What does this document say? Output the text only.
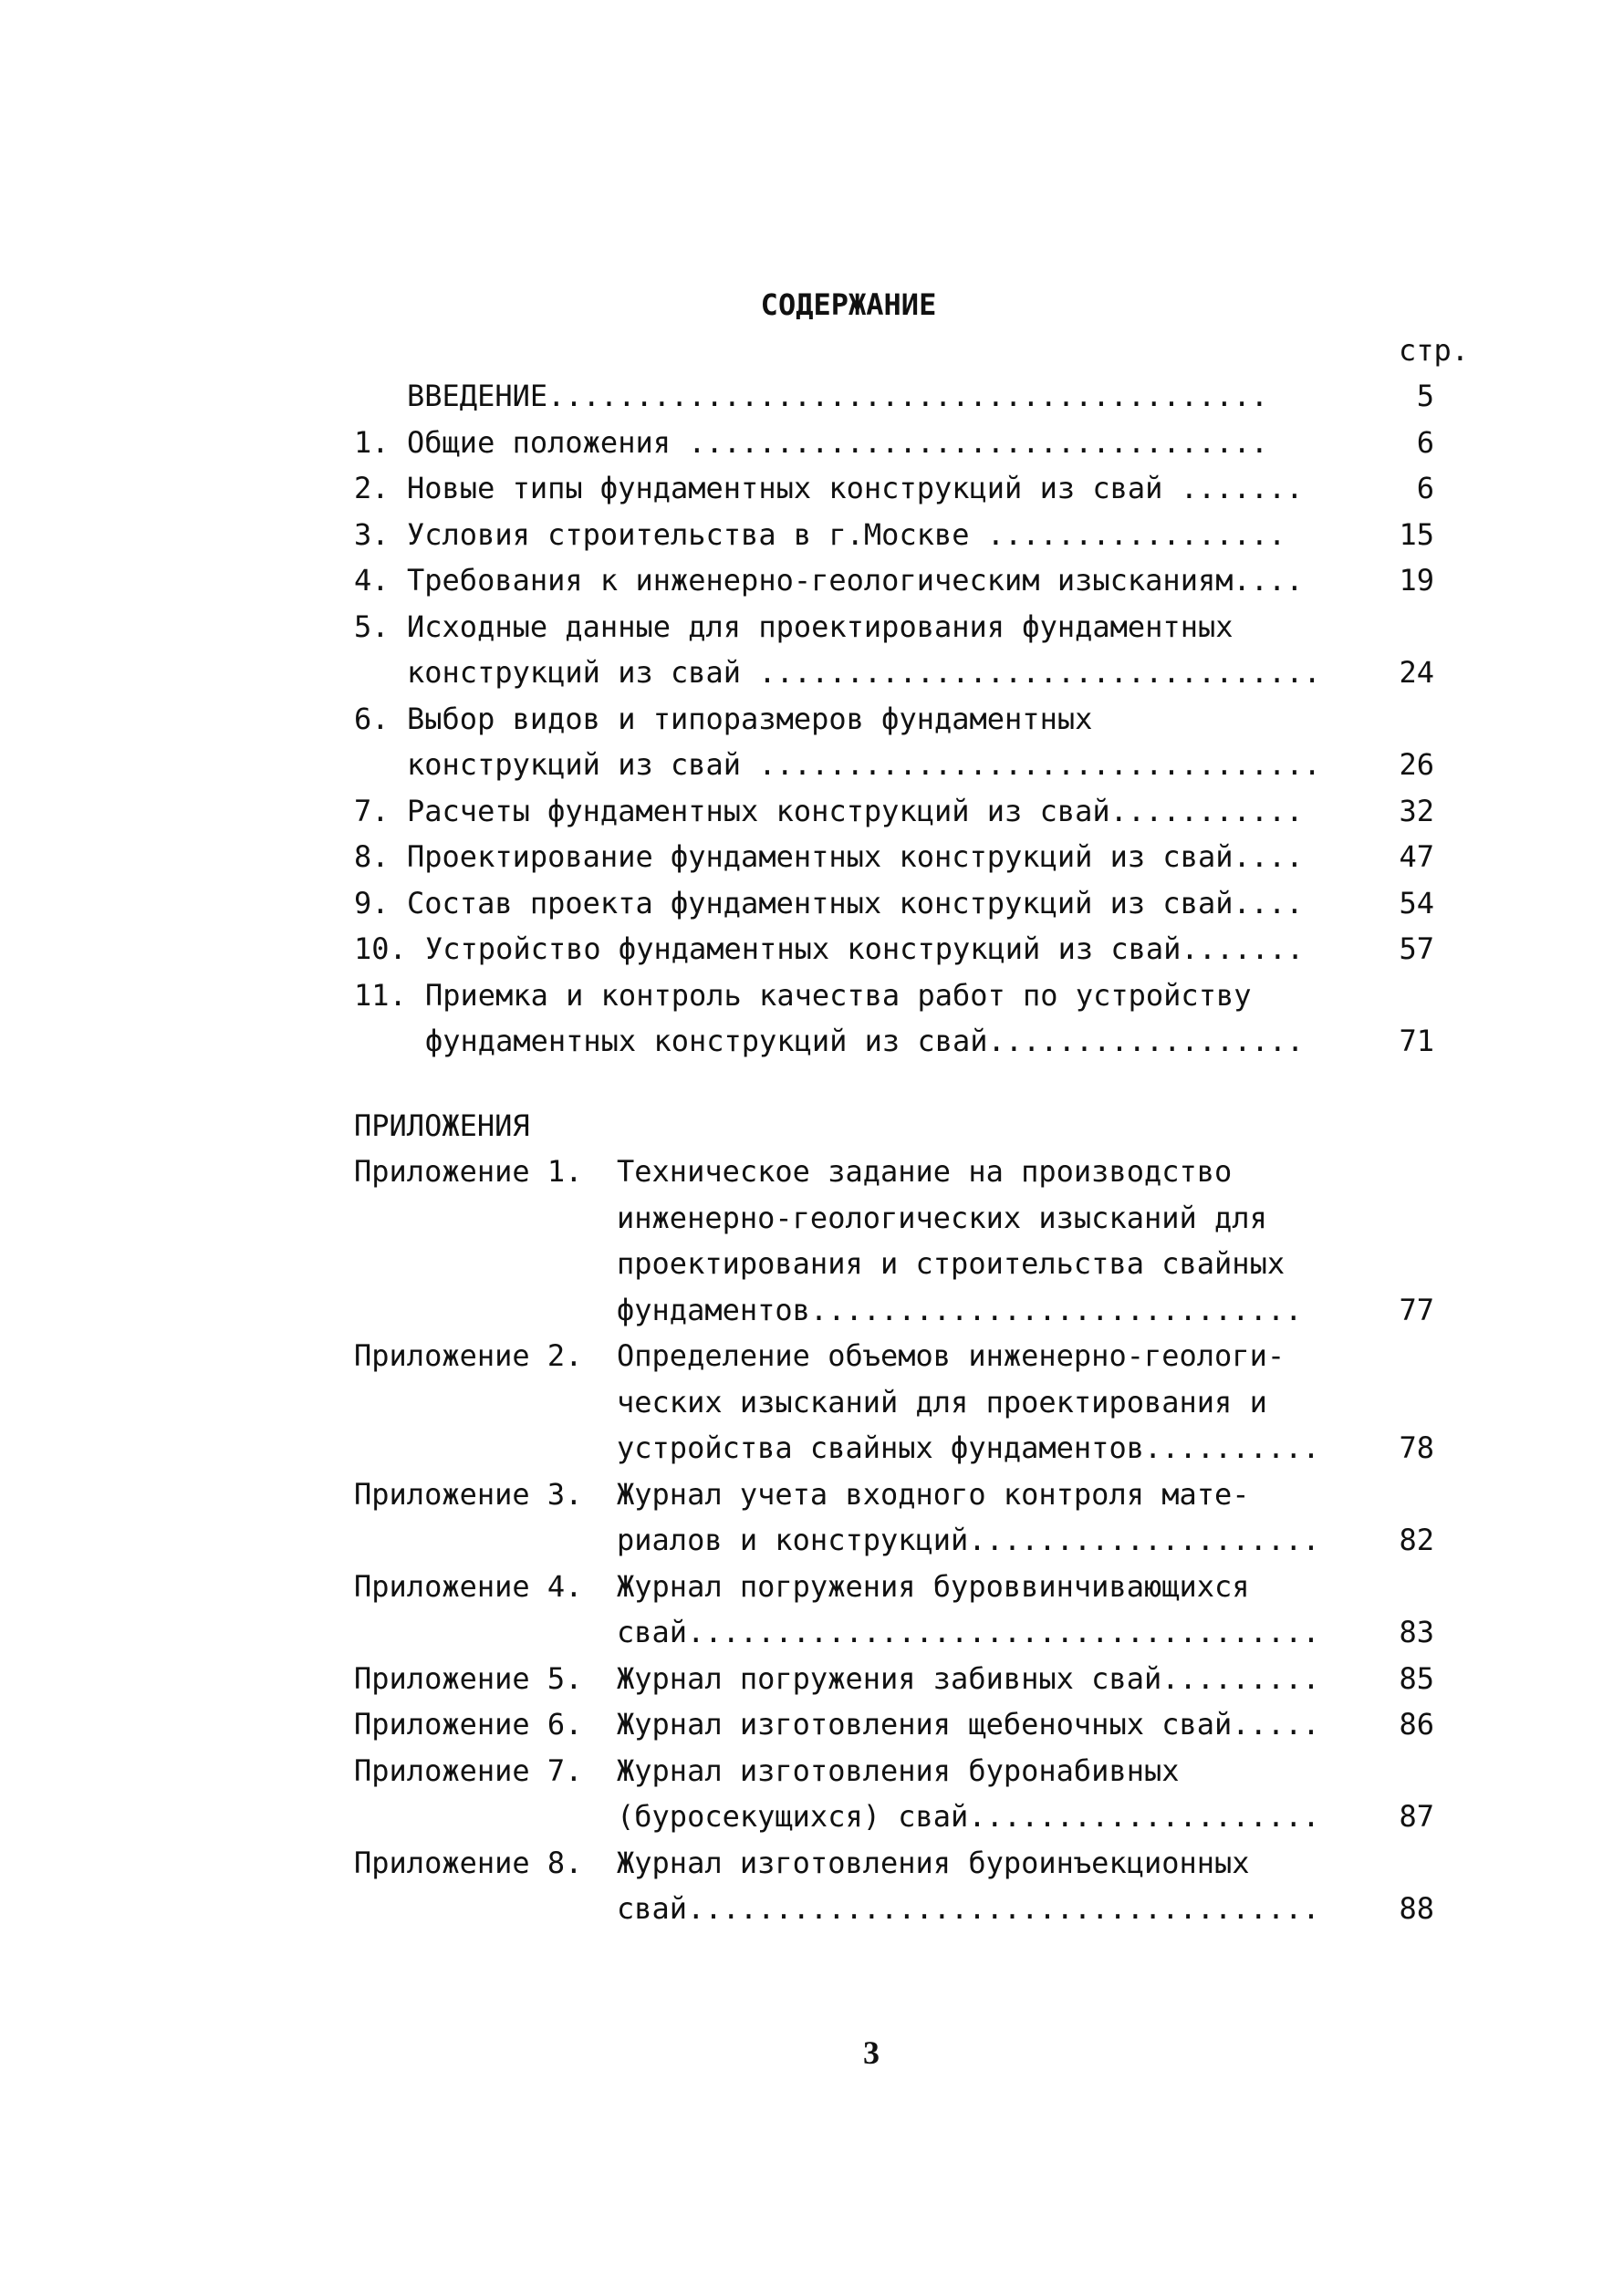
СОДЕРЖАНИЕ
стр.
ВВЕДЕНИЕ.........................................	5
1. Общие положения .................................	6
2. Новые типы фундаментных конструкций из свай .......	6
3. Условия строительства в г.Москве .................	15
4. Требования к инженерно-геологическим изысканиям....	19
5. Исходные данные для проектирования фундаментных
конструкций из свай ................................	24
6. Выбор видов и типоразмеров фундаментных
конструкций из свай ................................	26
7. Расчеты фундаментных конструкций из свай...........	32
8. Проектирование фундаментных конструкций из свай....	47
9. Состав проекта фундаментных конструкций из свай....	54
10. Устройство фундаментных конструкций из свай.......	57
11. Приемка и контроль качества работ по устройству
фундаментных конструкций из свай..................	71
ПРИЛОЖЕНИЯ
Приложение 1. Техническое задание на производство
инженерно-геологических изысканий для
проектирования и строительства свайных
фундаментов............................	77
Приложение 2. Определение объемов инженерно-геологи-
ческих изысканий для проектирования и
устройства свайных фундаментов..........	78
Приложение 3. Журнал учета входного контроля мате-
риалов и конструкций....................	82
Приложение 4. Журнал погружения буроввинчивающихся
свай....................................	83
Приложение 5. Журнал погружения забивных свай.........	85
Приложение 6. Журнал изготовления щебеночных свай.....	86
Приложение 7. Журнал изготовления буронабивных
(буросекущихся) свай....................	87
Приложение 8. Журнал изготовления буроинъекционных
свай....................................	88
3
